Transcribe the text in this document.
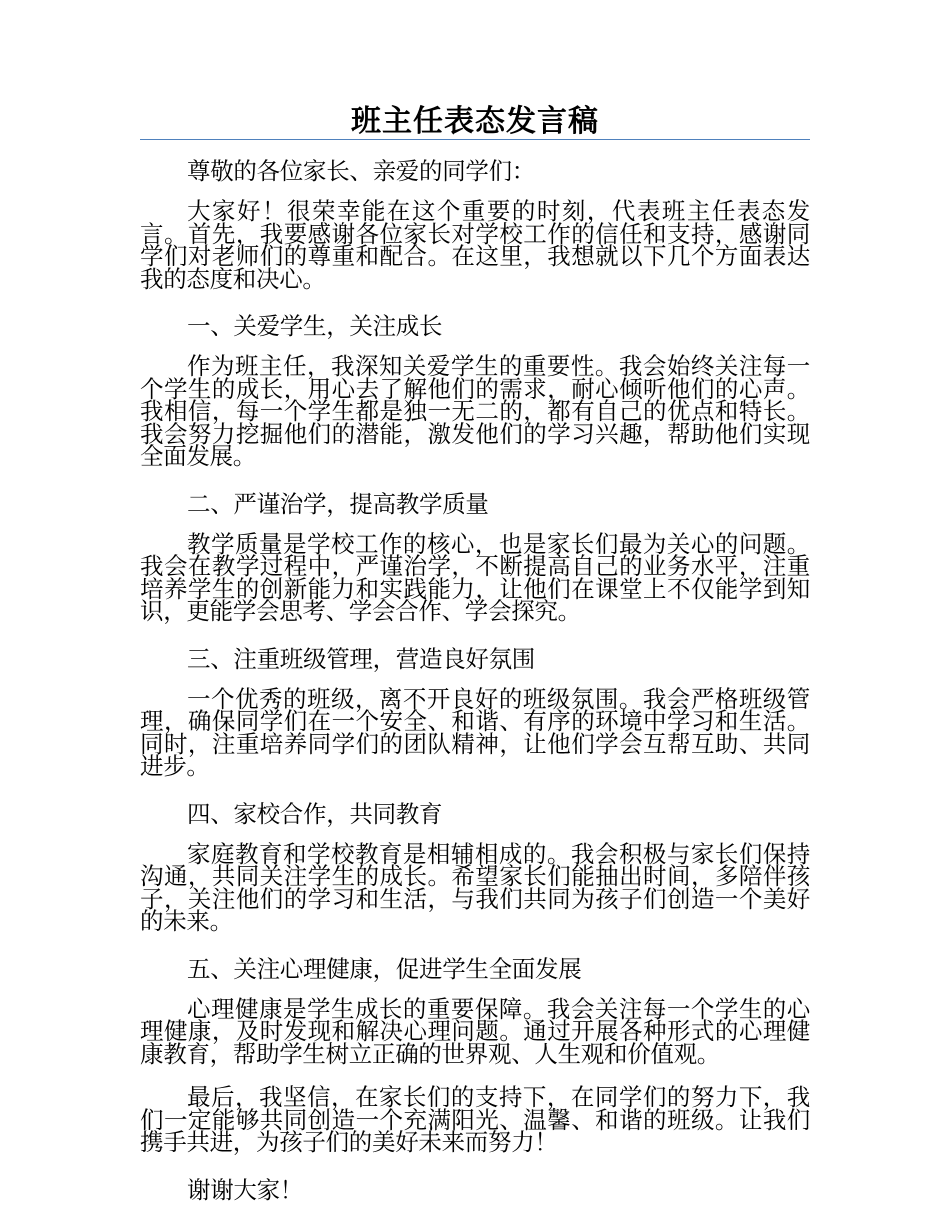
班主任表态发言稿

尊敬的各位家长、亲爱的同学们：

大家好！很荣幸能在这个重要的时刻，代表班主任表态发言。首先，我要感谢各位家长对学校工作的信任和支持，感谢同学们对老师们的尊重和配合。在这里，我想就以下几个方面表达我的态度和决心。

一、关爱学生，关注成长

作为班主任，我深知关爱学生的重要性。我会始终关注每一个学生的成长，用心去了解他们的需求，耐心倾听他们的心声。我相信，每一个学生都是独一无二的，都有自己的优点和特长。我会努力挖掘他们的潜能，激发他们的学习兴趣，帮助他们实现全面发展。

二、严谨治学，提高教学质量

教学质量是学校工作的核心，也是家长们最为关心的问题。我会在教学过程中，严谨治学，不断提高自己的业务水平，注重培养学生的创新能力和实践能力，让他们在课堂上不仅能学到知识，更能学会思考、学会合作、学会探究。

三、注重班级管理，营造良好氛围

一个优秀的班级，离不开良好的班级氛围。我会严格班级管理，确保同学们在一个安全、和谐、有序的环境中学习和生活。同时，注重培养同学们的团队精神，让他们学会互帮互助、共同进步。

四、家校合作，共同教育

家庭教育和学校教育是相辅相成的。我会积极与家长们保持沟通，共同关注学生的成长。希望家长们能抽出时间，多陪伴孩子，关注他们的学习和生活，与我们共同为孩子们创造一个美好的未来。

五、关注心理健康，促进学生全面发展

心理健康是学生成长的重要保障。我会关注每一个学生的心理健康，及时发现和解决心理问题。通过开展各种形式的心理健康教育，帮助学生树立正确的世界观、人生观和价值观。

最后，我坚信，在家长们的支持下，在同学们的努力下，我们一定能够共同创造一个充满阳光、温馨、和谐的班级。让我们携手共进，为孩子们的美好未来而努力！

谢谢大家！
